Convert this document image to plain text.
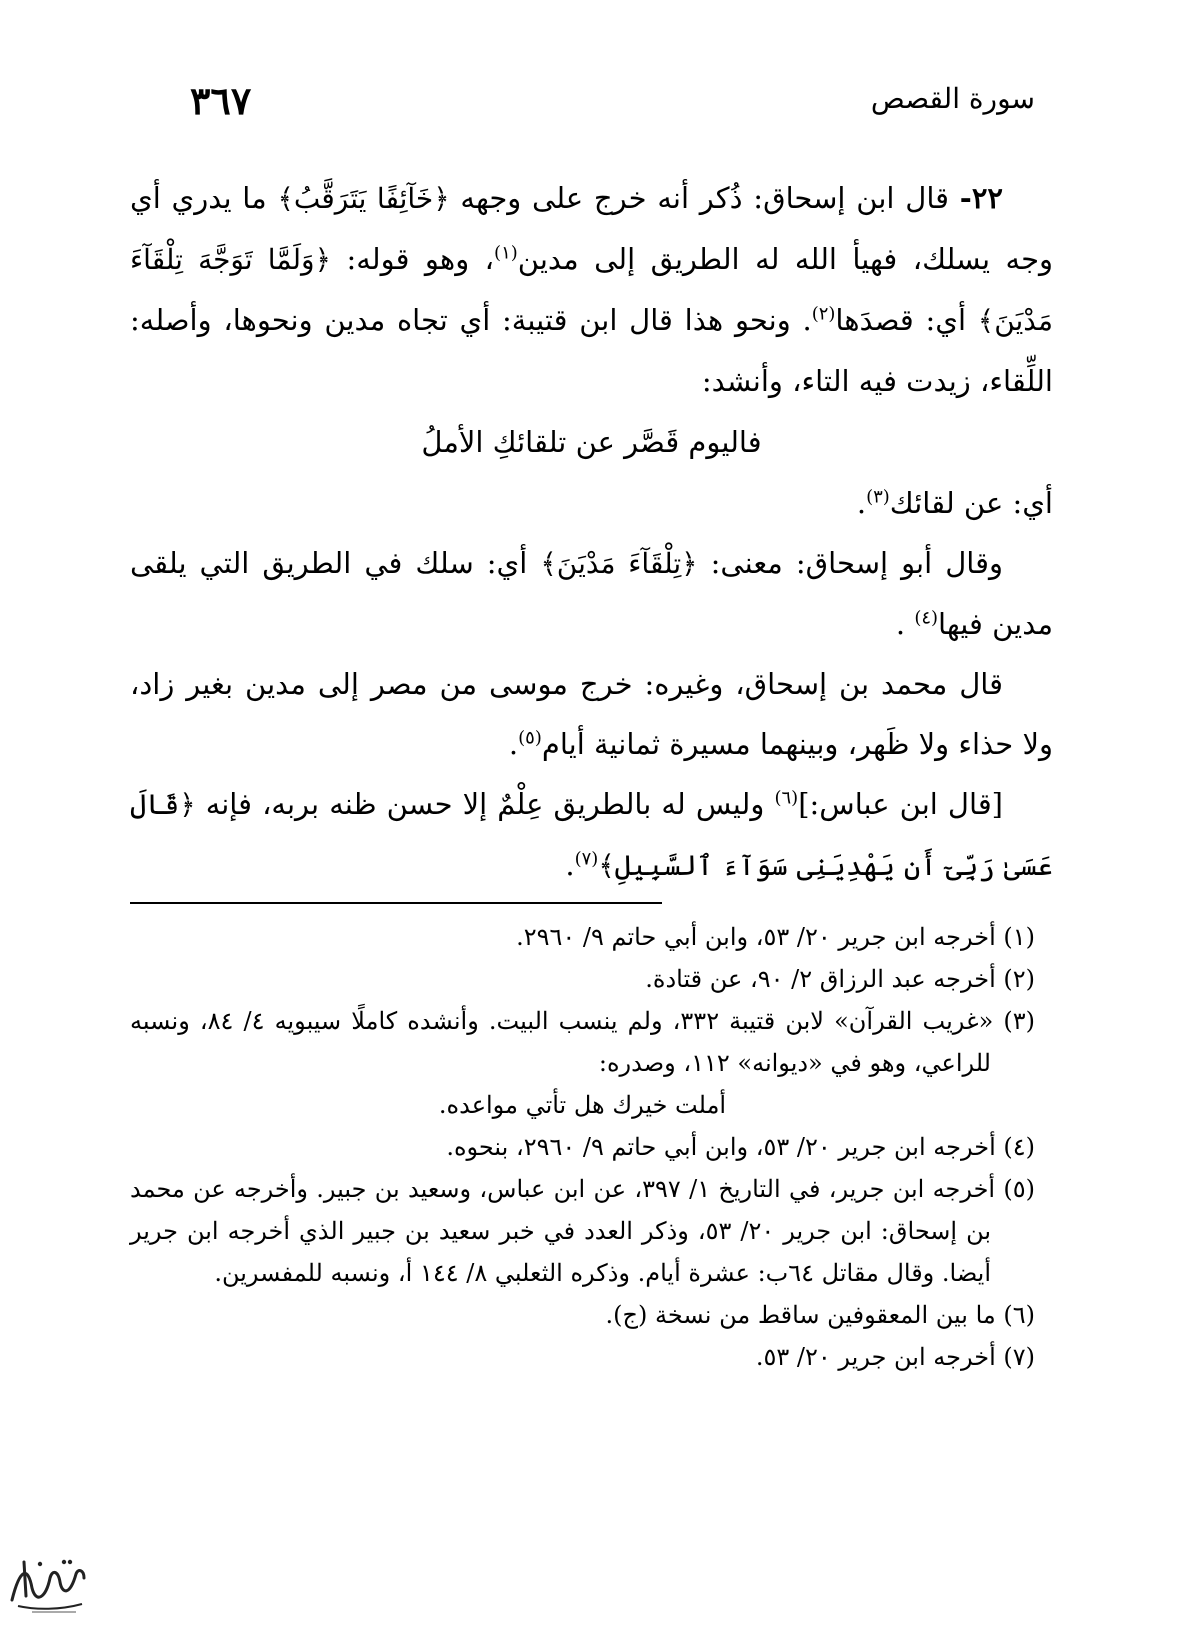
سورة القصص
٣٦٧

٢٢- قال ابن إسحاق: ذُكر أنه خرج على وجهه ﴿خَآئِفًا يَتَرَقَّبُ﴾ ما يدري أي وجه يسلك، فهيأ الله له الطريق إلى مدين$^{(١)}$، وهو قوله: ﴿وَلَمَّا تَوَجَّهَ تِلْقَآءَ مَدْيَنَ﴾ أي: قصدَها$^{(٢)}$. ونحو هذا قال ابن قتيبة: أي تجاه مدين ونحوها، وأصله: اللِّقاء، زيدت فيه التاء، وأنشد:

فاليوم قَصَّر عن تلقائكِ الأملُ

أي: عن لقائك$^{(٣)}$.

وقال أبو إسحاق: معنى: ﴿تِلْقَآءَ مَدْيَنَ﴾ أي: سلك في الطريق التي يلقى مدين فيها$^{(٤)}$ .

قال محمد بن إسحاق، وغيره: خرج موسى من مصر إلى مدين بغير زاد، ولا حذاء ولا ظَهر، وبينهما مسيرة ثمانية أيام$^{(٥)}$.

[قال ابن عباس:]$^{(٦)}$ وليس له بالطريق عِلْمٌ إلا حسن ظنه بربه، فإنه ﴿قَالَ عَسَىٰ رَبِّىٓ أَن يَهْدِيَنِى سَوَآءَ ٱلسَّبِيلِ﴾$^{(٧)}$.

(١) أخرجه ابن جرير ٢٠/ ٥٣، وابن أبي حاتم ٩/ ٢٩٦٠.

(٢) أخرجه عبد الرزاق ٢/ ٩٠، عن قتادة.

(٣) «غريب القرآن» لابن قتيبة ٣٣٢، ولم ينسب البيت. وأنشده كاملًا سيبويه ٤/ ٨٤، ونسبه للراعي، وهو في «ديوانه» ١١٢، وصدره:

أملت خيرك هل تأتي مواعده.

(٤) أخرجه ابن جرير ٢٠/ ٥٣، وابن أبي حاتم ٩/ ٢٩٦٠، بنحوه.

(٥) أخرجه ابن جرير، في التاريخ ١/ ٣٩٧، عن ابن عباس، وسعيد بن جبير. وأخرجه عن محمد بن إسحاق: ابن جرير ٢٠/ ٥٣، وذكر العدد في خبر سعيد بن جبير الذي أخرجه ابن جرير أيضا. وقال مقاتل ٦٤ب: عشرة أيام. وذكره الثعلبي ٨/ ١٤٤ أ، ونسبه للمفسرين.

(٦) ما بين المعقوفين ساقط من نسخة (ج).

(٧) أخرجه ابن جرير ٢٠/ ٥٣.
